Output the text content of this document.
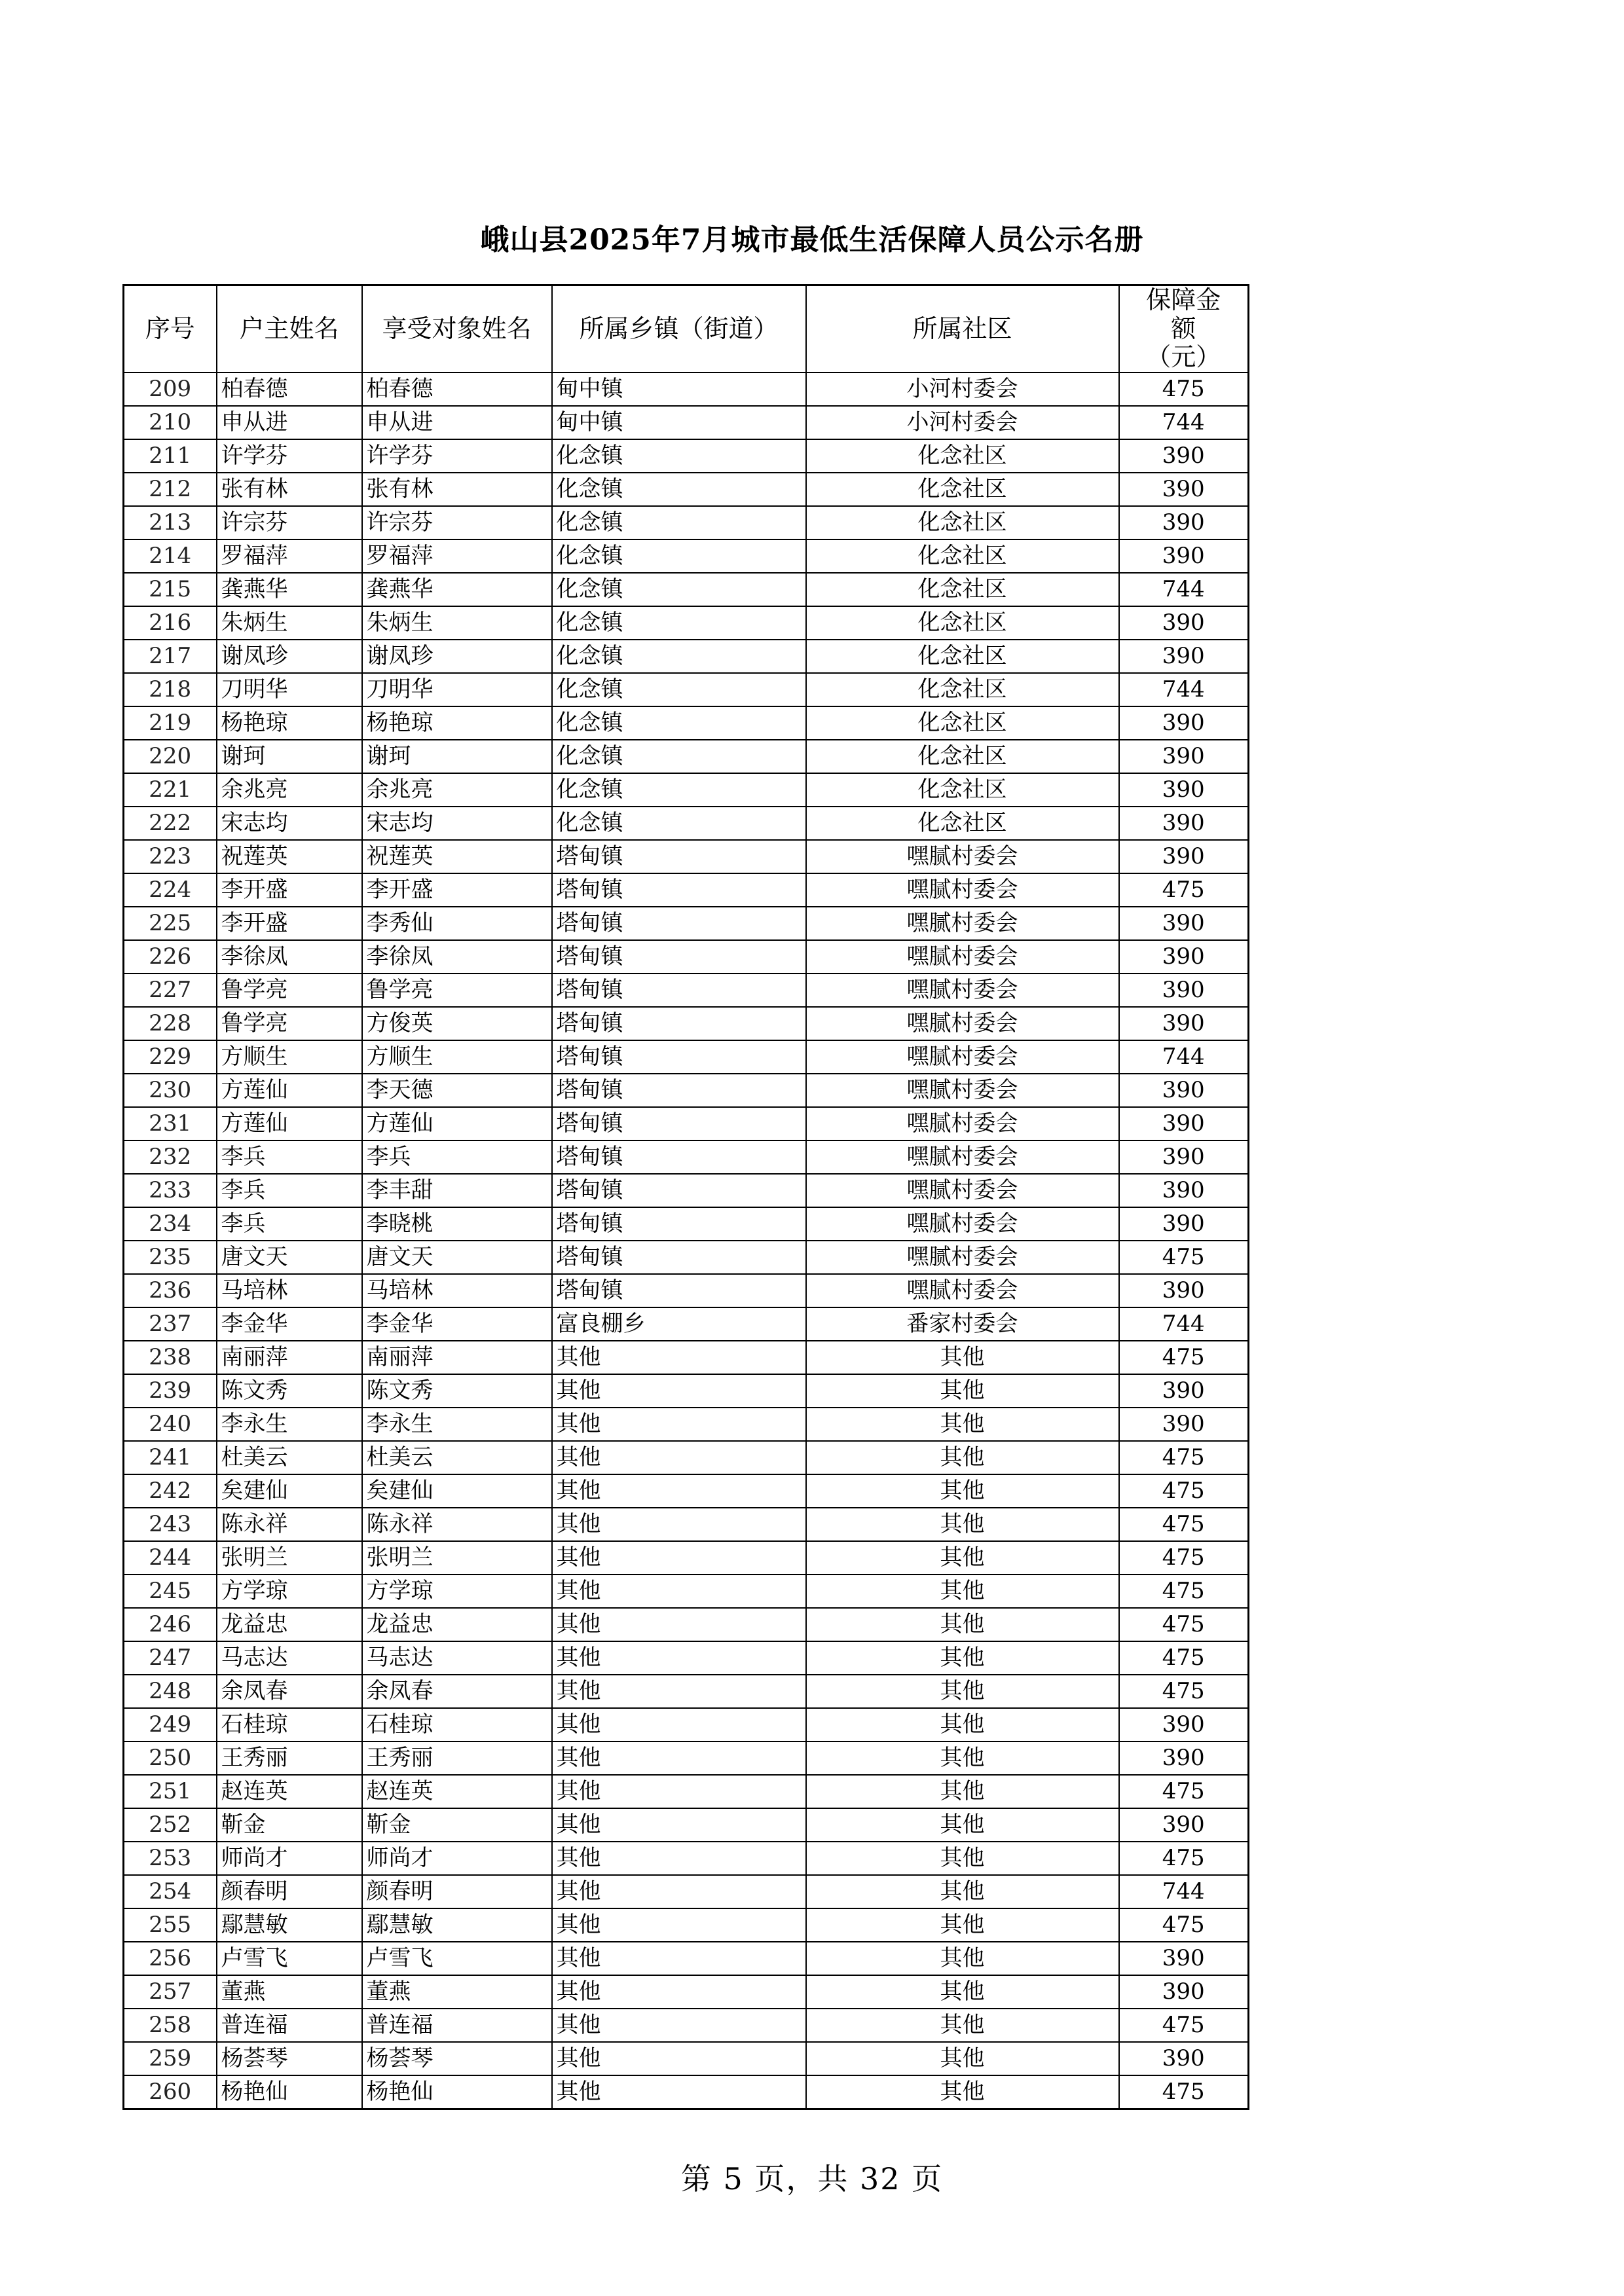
峨山县2025年7月城市最低生活保障人员公示名册
序号	户主姓名	享受对象姓名	所属乡镇（街道）	所属社区	保障金额（元）
209	柏春德	柏春德	甸中镇	小河村委会	475
210	申从进	申从进	甸中镇	小河村委会	744
211	许学芬	许学芬	化念镇	化念社区	390
212	张有林	张有林	化念镇	化念社区	390
213	许宗芬	许宗芬	化念镇	化念社区	390
214	罗福萍	罗福萍	化念镇	化念社区	390
215	龚燕华	龚燕华	化念镇	化念社区	744
216	朱炳生	朱炳生	化念镇	化念社区	390
217	谢凤珍	谢凤珍	化念镇	化念社区	390
218	刀明华	刀明华	化念镇	化念社区	744
219	杨艳琼	杨艳琼	化念镇	化念社区	390
220	谢珂	谢珂	化念镇	化念社区	390
221	余兆亮	余兆亮	化念镇	化念社区	390
222	宋志均	宋志均	化念镇	化念社区	390
223	祝莲英	祝莲英	塔甸镇	嘿腻村委会	390
224	李开盛	李开盛	塔甸镇	嘿腻村委会	475
225	李开盛	李秀仙	塔甸镇	嘿腻村委会	390
226	李徐凤	李徐凤	塔甸镇	嘿腻村委会	390
227	鲁学亮	鲁学亮	塔甸镇	嘿腻村委会	390
228	鲁学亮	方俊英	塔甸镇	嘿腻村委会	390
229	方顺生	方顺生	塔甸镇	嘿腻村委会	744
230	方莲仙	李天德	塔甸镇	嘿腻村委会	390
231	方莲仙	方莲仙	塔甸镇	嘿腻村委会	390
232	李兵	李兵	塔甸镇	嘿腻村委会	390
233	李兵	李丰甜	塔甸镇	嘿腻村委会	390
234	李兵	李晓桃	塔甸镇	嘿腻村委会	390
235	唐文天	唐文天	塔甸镇	嘿腻村委会	475
236	马培林	马培林	塔甸镇	嘿腻村委会	390
237	李金华	李金华	富良棚乡	番家村委会	744
238	南丽萍	南丽萍	其他	其他	475
239	陈文秀	陈文秀	其他	其他	390
240	李永生	李永生	其他	其他	390
241	杜美云	杜美云	其他	其他	475
242	矣建仙	矣建仙	其他	其他	475
243	陈永祥	陈永祥	其他	其他	475
244	张明兰	张明兰	其他	其他	475
245	方学琼	方学琼	其他	其他	475
246	龙益忠	龙益忠	其他	其他	475
247	马志达	马志达	其他	其他	475
248	余凤春	余凤春	其他	其他	475
249	石桂琼	石桂琼	其他	其他	390
250	王秀丽	王秀丽	其他	其他	390
251	赵连英	赵连英	其他	其他	475
252	靳金	靳金	其他	其他	390
253	师尚才	师尚才	其他	其他	475
254	颜春明	颜春明	其他	其他	744
255	鄢慧敏	鄢慧敏	其他	其他	475
256	卢雪飞	卢雪飞	其他	其他	390
257	董燕	董燕	其他	其他	390
258	普连福	普连福	其他	其他	475
259	杨荟琴	杨荟琴	其他	其他	390
260	杨艳仙	杨艳仙	其他	其他	475
第 5 页，共 32 页
